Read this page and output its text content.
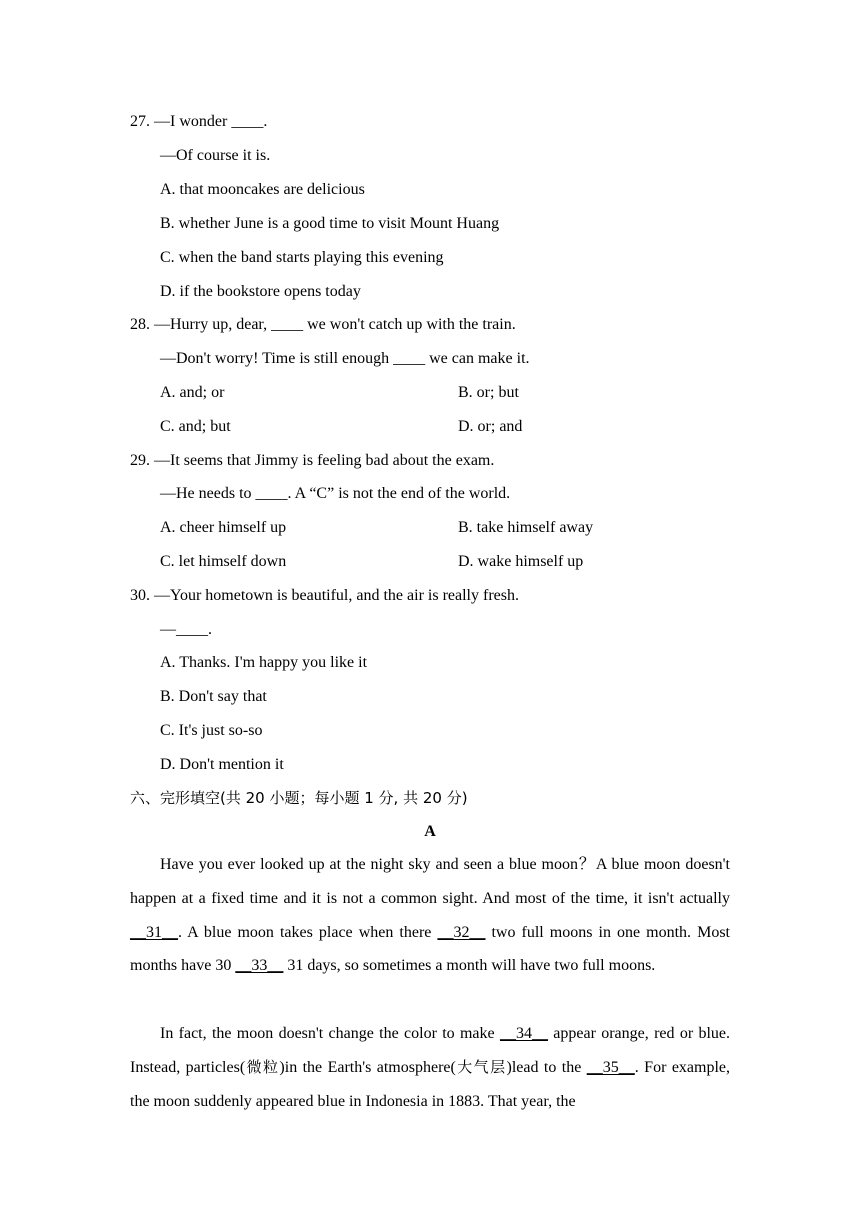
27. —I wonder ____.
—Of course it is.
A. that mooncakes are delicious
B. whether June is a good time to visit Mount Huang
C. when the band starts playing this evening
D. if the bookstore opens today
28. —Hurry up, dear, ____ we won't catch up with the train.
—Don't worry! Time is still enough ____ we can make it.
A. and; or	B. or; but
C. and; but	D. or; and
29. —It seems that Jimmy is feeling bad about the exam.
—He needs to ____. A “C” is not the end of the world.
A. cheer himself up	B. take himself away
C. let himself down	D. wake himself up
30. —Your hometown is beautiful, and the air is really fresh.
—____.
A. Thanks. I'm happy you like it
B. Don't say that
C. It's just so-so
D. Don't mention it
六、完形填空(共 20 小题；每小题 1 分, 共 20 分)
A

Have you ever looked up at the night sky and seen a blue moon？A blue moon doesn't happen at a fixed time and it is not a common sight. And most of the time, it isn't actually __31__. A blue moon takes place when there __32__ two full moons in one month. Most months have 30 __33__ 31 days, so sometimes a month will have two full moons.

In fact, the moon doesn't change the color to make __34__ appear orange, red or blue. Instead, particles(微粒)in the Earth's atmosphere(大气层)lead to the __35__. For example, the moon suddenly appeared blue in Indonesia in 1883. That year, the
